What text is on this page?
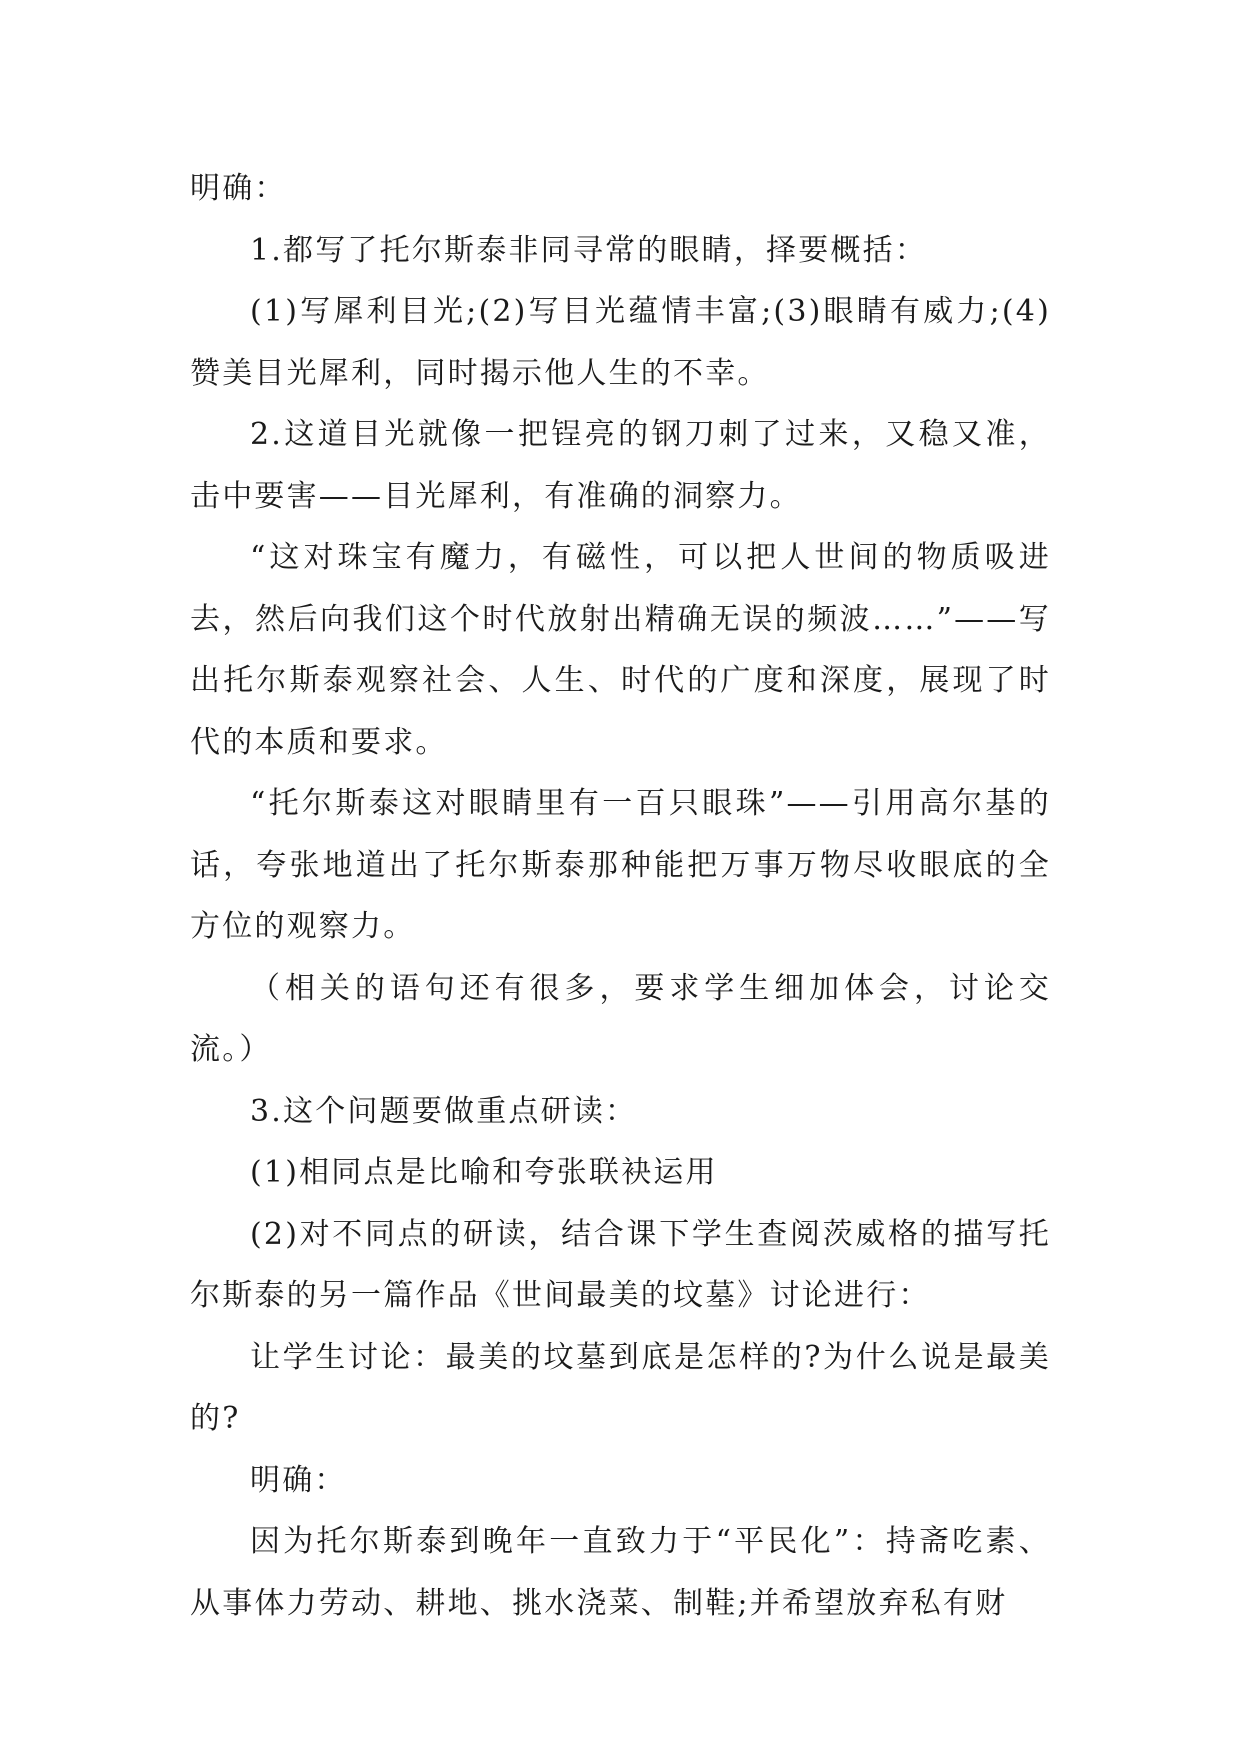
明确：

1.都写了托尔斯泰非同寻常的眼睛，择要概括：

(1)写犀利目光;(2)写目光蕴情丰富;(3)眼睛有威力;(4)赞美目光犀利，同时揭示他人生的不幸。

2.这道目光就像一把锃亮的钢刀刺了过来，又稳又准，击中要害——目光犀利，有准确的洞察力。

“这对珠宝有魔力，有磁性，可以把人世间的物质吸进去，然后向我们这个时代放射出精确无误的频波……”——写出托尔斯泰观察社会、人生、时代的广度和深度，展现了时代的本质和要求。

“托尔斯泰这对眼睛里有一百只眼珠”——引用高尔基的话，夸张地道出了托尔斯泰那种能把万事万物尽收眼底的全方位的观察力。

（相关的语句还有很多，要求学生细加体会，讨论交流。）

3.这个问题要做重点研读：

(1)相同点是比喻和夸张联袂运用

(2)对不同点的研读，结合课下学生查阅茨威格的描写托尔斯泰的另一篇作品《世间最美的坟墓》讨论进行：

让学生讨论：最美的坟墓到底是怎样的?为什么说是最美的?

明确：

因为托尔斯泰到晚年一直致力于“平民化”：持斋吃素、从事体力劳动、耕地、挑水浇菜、制鞋;并希望放弃私有财
